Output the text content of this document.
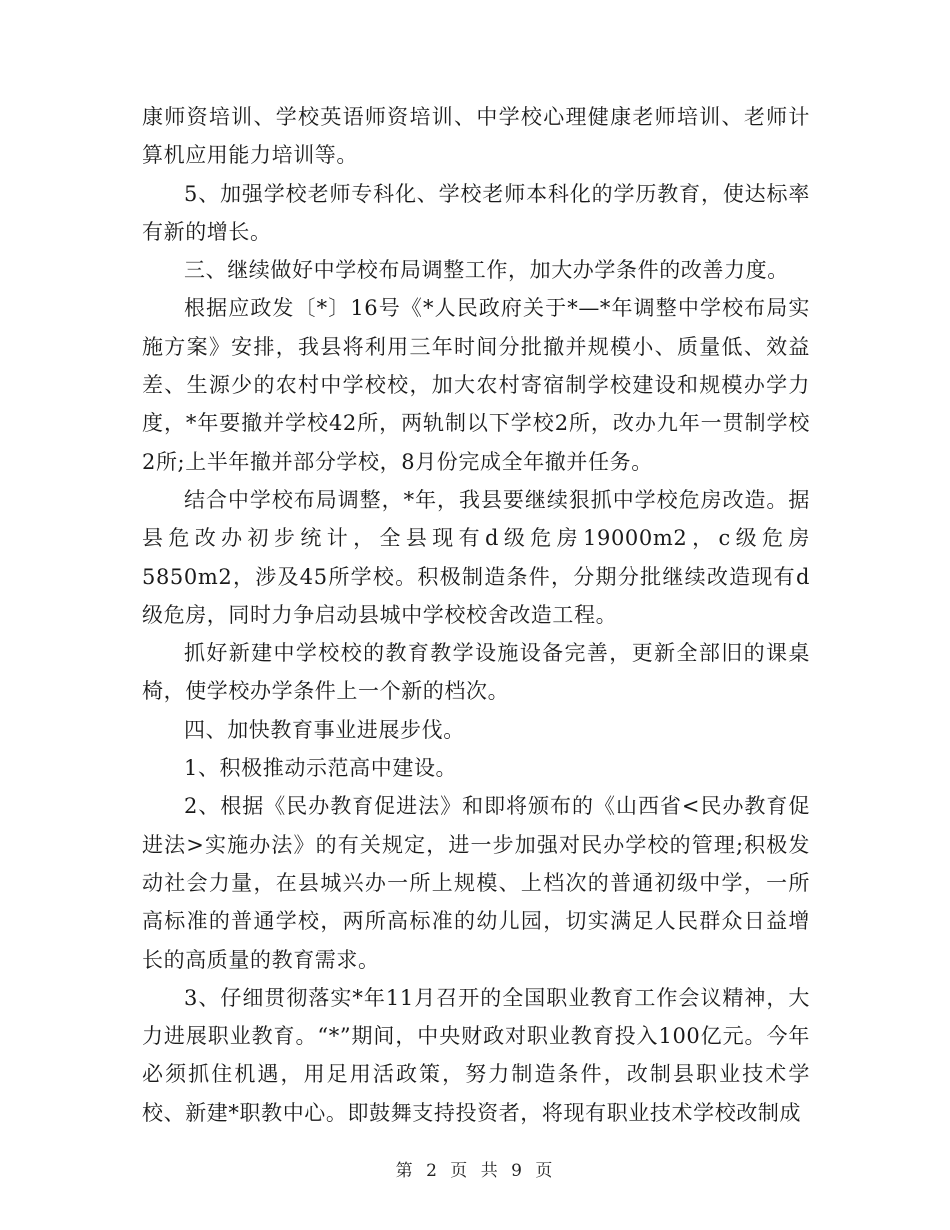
康师资培训、学校英语师资培训、中学校心理健康老师培训、老师计算机应用能力培训等。

5、加强学校老师专科化、学校老师本科化的学历教育，使达标率有新的增长。

三、继续做好中学校布局调整工作，加大办学条件的改善力度。

根据应政发〔*〕16号《*人民政府关于*—*年调整中学校布局实施方案》安排，我县将利用三年时间分批撤并规模小、质量低、效益差、生源少的农村中学校校，加大农村寄宿制学校建设和规模办学力度，*年要撤并学校42所，两轨制以下学校2所，改办九年一贯制学校2所;上半年撤并部分学校，8月份完成全年撤并任务。

结合中学校布局调整，*年，我县要继续狠抓中学校危房改造。据县危改办初步统计，全县现有d级危房19000m2，c级危房5850m2，涉及45所学校。积极制造条件，分期分批继续改造现有d级危房，同时力争启动县城中学校校舍改造工程。

抓好新建中学校校的教育教学设施设备完善，更新全部旧的课桌椅，使学校办学条件上一个新的档次。

四、加快教育事业进展步伐。

1、积极推动示范高中建设。

2、根据《民办教育促进法》和即将颁布的《山西省<民办教育促进法>实施办法》的有关规定，进一步加强对民办学校的管理;积极发动社会力量，在县城兴办一所上规模、上档次的普通初级中学，一所高标准的普通学校，两所高标准的幼儿园，切实满足人民群众日益增长的高质量的教育需求。

3、仔细贯彻落实*年11月召开的全国职业教育工作会议精神，大力进展职业教育。“*”期间，中央财政对职业教育投入100亿元。今年必须抓住机遇，用足用活政策，努力制造条件，改制县职业技术学校、新建*职教中心。即鼓舞支持投资者，将现有职业技术学校改制成

第 2 页 共 9 页
